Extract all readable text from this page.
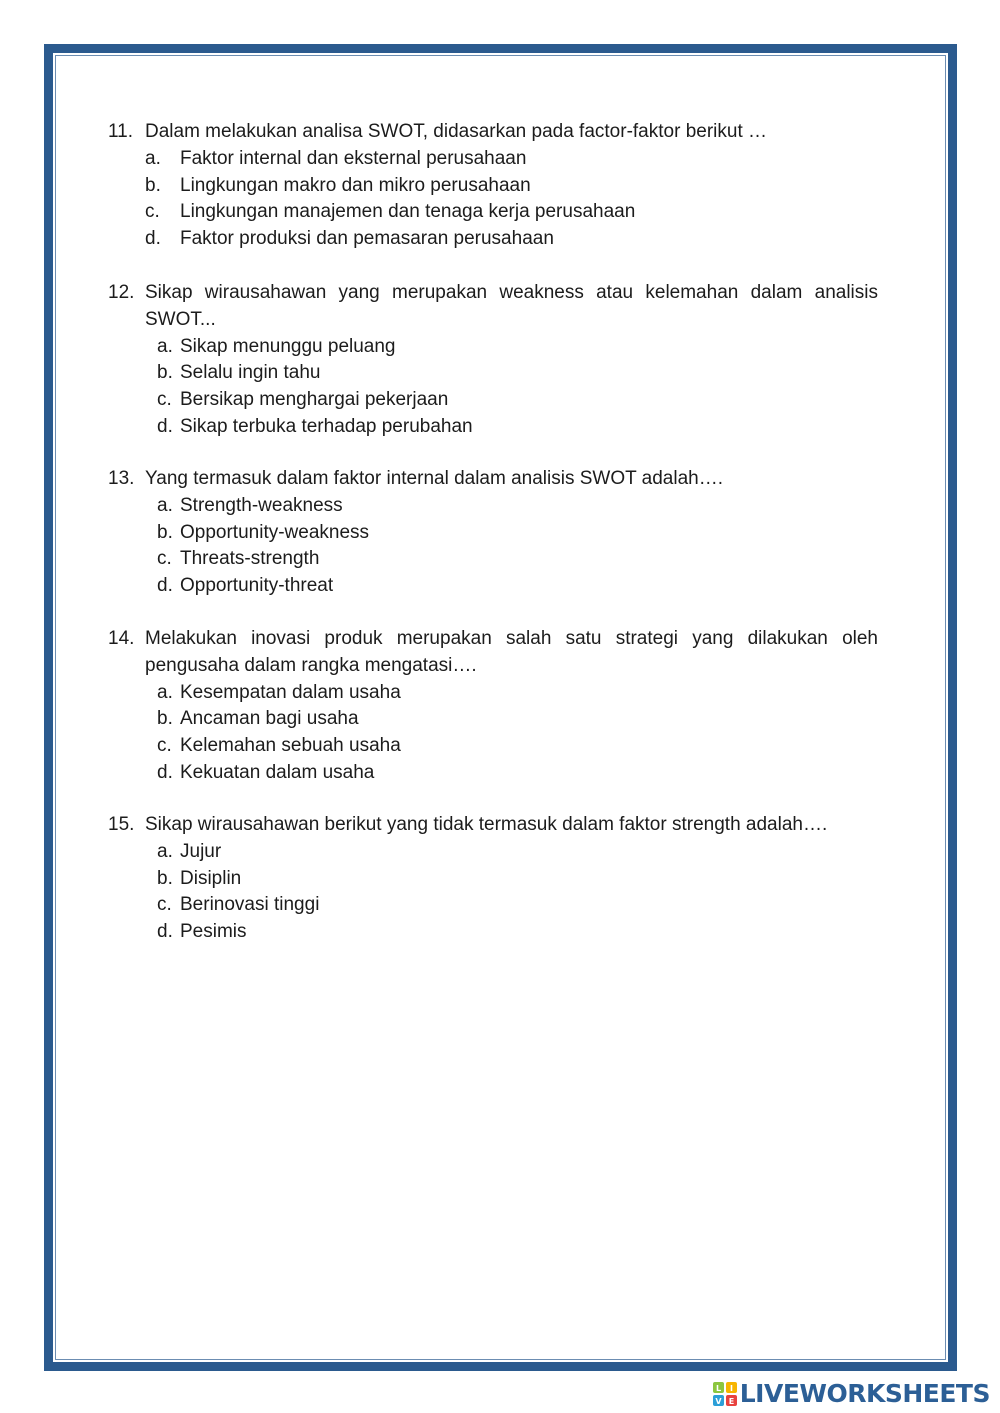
11. Dalam melakukan analisa SWOT, didasarkan pada factor-faktor berikut …
a.	Faktor internal dan eksternal perusahaan
b.	Lingkungan makro dan mikro perusahaan
c.	Lingkungan manajemen dan tenaga kerja perusahaan
d.	Faktor produksi dan pemasaran perusahaan
12. Sikap wirausahawan yang merupakan weakness atau kelemahan dalam analisis SWOT...
a. Sikap menunggu peluang
b. Selalu ingin tahu
c. Bersikap menghargai pekerjaan
d. Sikap terbuka terhadap perubahan
13. Yang termasuk dalam faktor internal dalam analisis SWOT adalah….
a. Strength-weakness
b. Opportunity-weakness
c. Threats-strength
d. Opportunity-threat
14. Melakukan inovasi produk merupakan salah satu strategi yang dilakukan oleh pengusaha dalam rangka mengatasi….
a. Kesempatan dalam usaha
b. Ancaman bagi usaha
c. Kelemahan sebuah usaha
d. Kekuatan dalam usaha
15. Sikap wirausahawan berikut yang tidak termasuk dalam faktor strength adalah….
a. Jujur
b. Disiplin
c. Berinovasi tinggi
d. Pesimis
L I
V E LIVEWORKSHEETS
